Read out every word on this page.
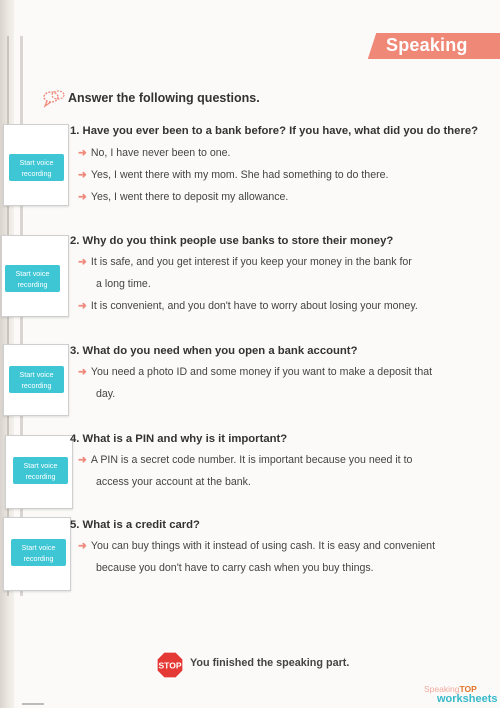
Speaking
Answer the following questions.
Start voice
recording
1. Have you ever been to a bank before? If you have, what did you do there?
➜ No, I have never been to one.
➜ Yes, I went there with my mom. She had something to do there.
➜ Yes, I went there to deposit my allowance.
Start voice
recording
2. Why do you think people use banks to store their money?
➜ It is safe, and you get interest if you keep your money in the bank for
a long time.
➜ It is convenient, and you don't have to worry about losing your money.
Start voice
recording
3. What do you need when you open a bank account?
➜ You need a photo ID and some money if you want to make a deposit that
day.
Start voice
recording
4. What is a PIN and why is it important?
➜ A PIN is a secret code number. It is important because you need it to
access your account at the bank.
Start voice
recording
5. What is a credit card?
➜ You can buy things with it instead of using cash. It is easy and convenient
because you don't have to carry cash when you buy things.
STOP You finished the speaking part.
SpeakingTOP
worksheets
